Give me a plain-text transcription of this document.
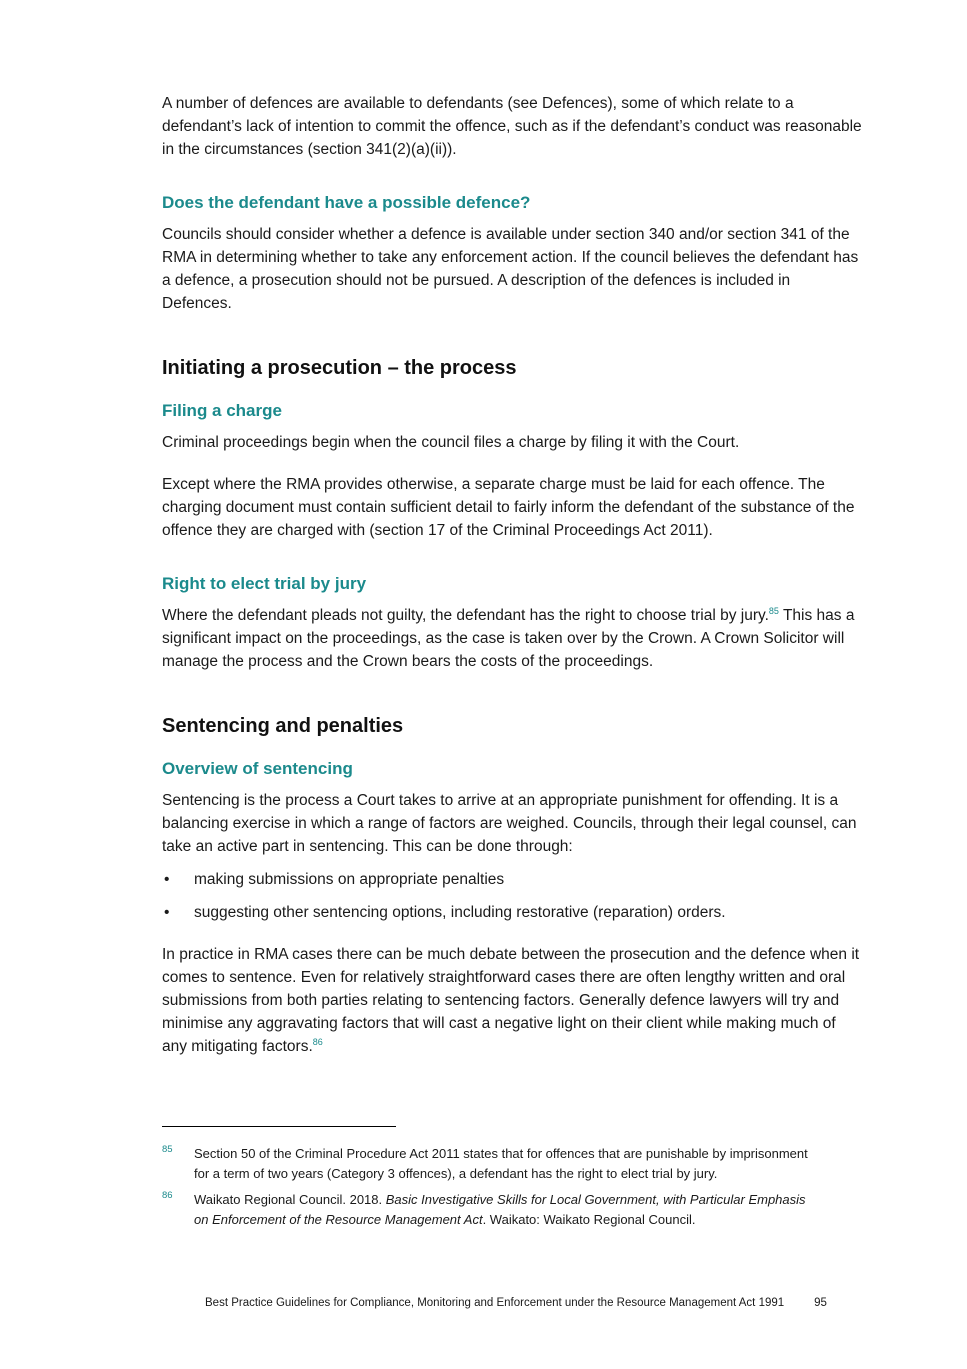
A number of defences are available to defendants (see Defences), some of which relate to a defendant’s lack of intention to commit the offence, such as if the defendant’s conduct was reasonable in the circumstances (section 341(2)(a)(ii)).

Does the defendant have a possible defence?

Councils should consider whether a defence is available under section 340 and/or section 341 of the RMA in determining whether to take any enforcement action. If the council believes the defendant has a defence, a prosecution should not be pursued. A description of the defences is included in Defences.

Initiating a prosecution – the process
Filing a charge

Criminal proceedings begin when the council files a charge by filing it with the Court.

Except where the RMA provides otherwise, a separate charge must be laid for each offence. The charging document must contain sufficient detail to fairly inform the defendant of the substance of the offence they are charged with (section 17 of the Criminal Proceedings Act 2011).

Right to elect trial by jury

Where the defendant pleads not guilty, the defendant has the right to choose trial by jury.$^{85}$ This has a significant impact on the proceedings, as the case is taken over by the Crown. A Crown Solicitor will manage the process and the Crown bears the costs of the proceedings.

Sentencing and penalties
Overview of sentencing

Sentencing is the process a Court takes to arrive at an appropriate punishment for offending. It is a balancing exercise in which a range of factors are weighed. Councils, through their legal counsel, can take an active part in sentencing. This can be done through:

• making submissions on appropriate penalties
• suggesting other sentencing options, including restorative (reparation) orders.

In practice in RMA cases there can be much debate between the prosecution and the defence when it comes to sentence. Even for relatively straightforward cases there are often lengthy written and oral submissions from both parties relating to sentencing factors. Generally defence lawyers will try and minimise any aggravating factors that will cast a negative light on their client while making much of any mitigating factors.$^{86}$

85 Section 50 of the Criminal Procedure Act 2011 states that for offences that are punishable by imprisonment for a term of two years (Category 3 offences), a defendant has the right to elect trial by jury.
86 Waikato Regional Council. 2018. Basic Investigative Skills for Local Government, with Particular Emphasis on Enforcement of the Resource Management Act. Waikato: Waikato Regional Council.
Best Practice Guidelines for Compliance, Monitoring and Enforcement under the Resource Management Act 1991	95
